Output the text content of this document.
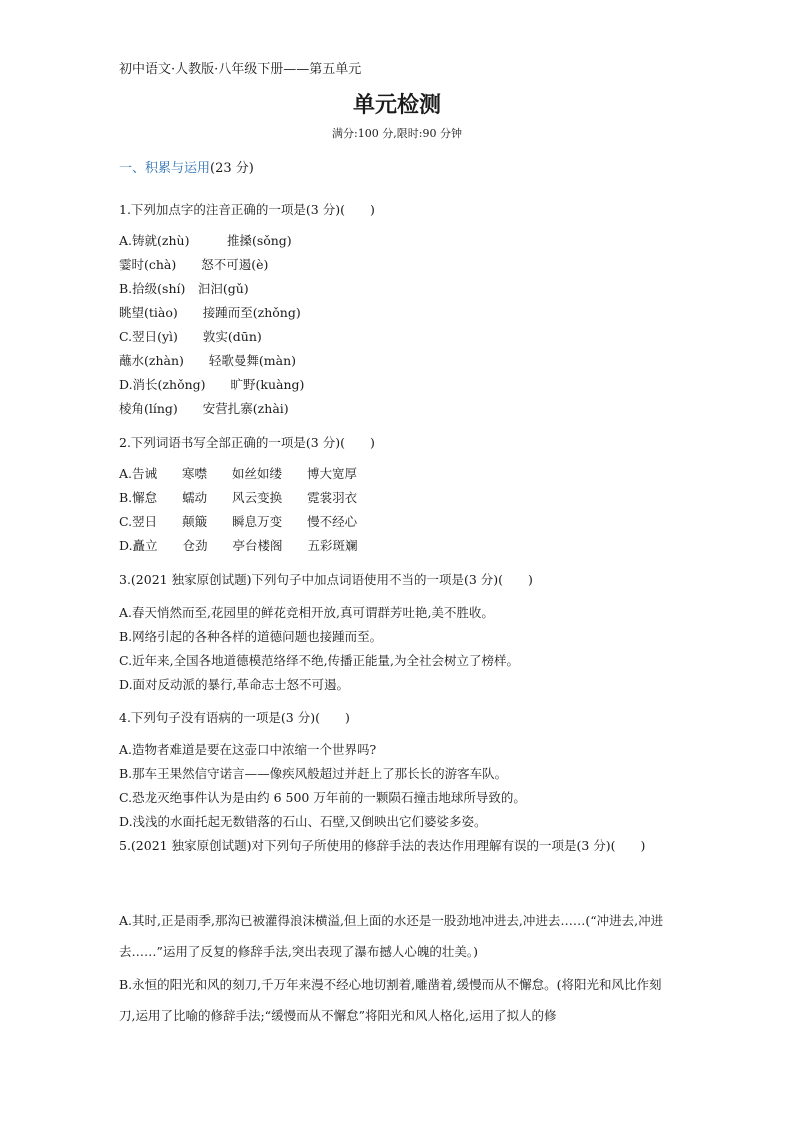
初中语文·人教版·八年级下册——第五单元
单元检测
满分:100 分,限时:90 分钟
一、积累与运用(23 分)
1.下列加点字的注音正确的一项是(3 分)(　　)
A.铸就(zhù)　　　推搡(sǒng)
霎时(chà)　　怒不可遏(è)
B.拾级(shí)　汩汩(gǔ)
眺望(tiào)　　接踵而至(zhǒng)
C.翌日(yì)　　敦实(dūn)
蘸水(zhàn)　　轻歌曼舞(màn)
D.消长(zhǒng)　　旷野(kuàng)
棱角(líng)　　安营扎寨(zhài)
2.下列词语书写全部正确的一项是(3 分)(　　)
A.告诫　　寒噤　　如丝如缕　　博大宽厚
B.懈怠　　蠕动　　风云变换　　霓裳羽衣
C.翌日　　颠簸　　瞬息万变　　慢不经心
D.矗立　　仓劲　　亭台楼阁　　五彩斑斓
3.(2021 独家原创试题)下列句子中加点词语使用不当的一项是(3 分)(　　)
A.春天悄然而至,花园里的鲜花竞相开放,真可谓群芳吐艳,美不胜收。
B.网络引起的各种各样的道德问题也接踵而至。
C.近年来,全国各地道德模范络绎不绝,传播正能量,为全社会树立了榜样。
D.面对反动派的暴行,革命志士怒不可遏。
4.下列句子没有语病的一项是(3 分)(　　)
A.造物者难道是要在这壶口中浓缩一个世界吗?
B.那车王果然信守诺言——像疾风般超过并赶上了那长长的游客车队。
C.恐龙灭绝事件认为是由约 6 500 万年前的一颗陨石撞击地球所导致的。
D.浅浅的水面托起无数错落的石山、石壁,又倒映出它们婆娑多姿。
5.(2021 独家原创试题)对下列句子所使用的修辞手法的表达作用理解有误的一项是(3 分)(　　)
A.其时,正是雨季,那沟已被灌得浪沫横溢,但上面的水还是一股劲地冲进去,冲进去……(“冲进去,冲进去……”运用了反复的修辞手法,突出表现了瀑布撼人心魄的壮美。)
B.永恒的阳光和风的刻刀,千万年来漫不经心地切割着,雕凿着,缓慢而从不懈怠。(将阳光和风比作刻刀,运用了比喻的修辞手法;“缓慢而从不懈怠”将阳光和风人格化,运用了拟人的修
